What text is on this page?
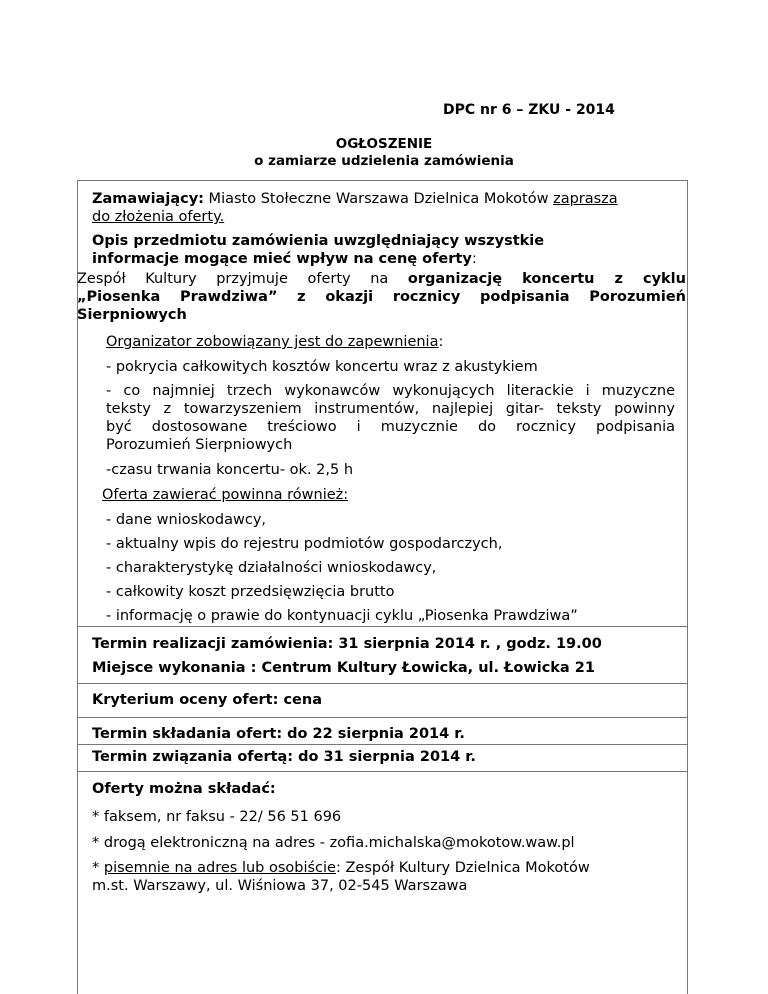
DPC nr 6 – ZKU - 2014
OGŁOSZENIE
o zamiarze udzielenia zamówienia
Zamawiający: Miasto Stołeczne Warszawa Dzielnica Mokotów zaprasza
do złożenia oferty.
Opis przedmiotu zamówienia uwzględniający wszystkie
informacje mogące mieć wpływ na cenę oferty:
Zespół Kultury przyjmuje oferty na organizację koncertu z cyklu
„Piosenka Prawdziwa” z okazji rocznicy podpisania Porozumień
Sierpniowych
Organizator zobowiązany jest do zapewnienia:
- pokrycia całkowitych kosztów koncertu wraz z akustykiem
- co najmniej trzech wykonawców wykonujących literackie i muzyczne
teksty z towarzyszeniem instrumentów, najlepiej gitar- teksty powinny
być dostosowane treściowo i muzycznie do rocznicy podpisania
Porozumień Sierpniowych
-czasu trwania koncertu- ok. 2,5 h
Oferta zawierać powinna również:
- dane wnioskodawcy,
- aktualny wpis do rejestru podmiotów gospodarczych,
- charakterystykę działalności wnioskodawcy,
- całkowity koszt przedsięwzięcia brutto
- informację o prawie do kontynuacji cyklu „Piosenka Prawdziwa”
Termin realizacji zamówienia: 31 sierpnia 2014 r. , godz. 19.00
Miejsce wykonania : Centrum Kultury Łowicka, ul. Łowicka 21
Kryterium oceny ofert: cena
Termin składania ofert: do 22 sierpnia 2014 r.
Termin związania ofertą: do 31 sierpnia 2014 r.
Oferty można składać:
* faksem, nr faksu - 22/ 56 51 696
* drogą elektroniczną na adres - zofia.michalska@mokotow.waw.pl
* pisemnie na adres lub osobiście: Zespół Kultury Dzielnica Mokotów
m.st. Warszawy, ul. Wiśniowa 37, 02-545 Warszawa
